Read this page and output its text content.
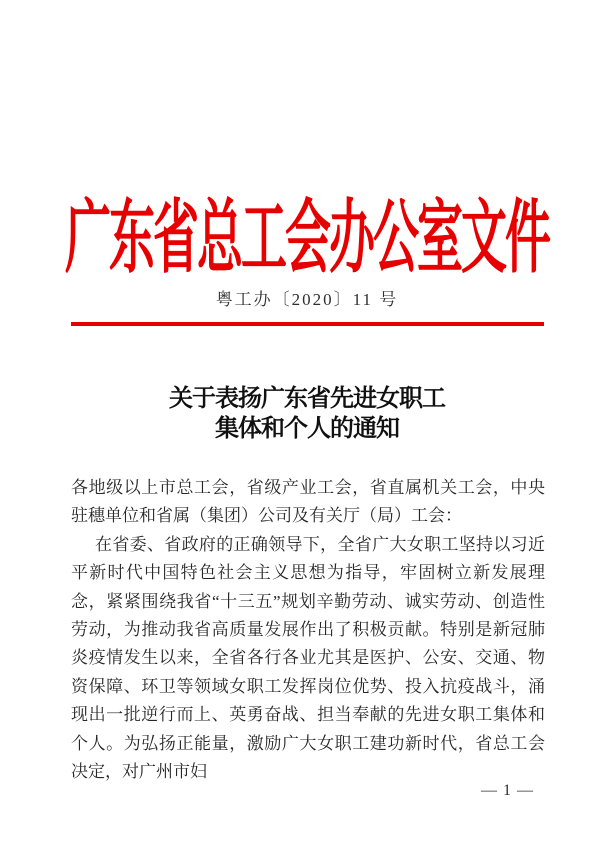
广东省总工会办公室文件
粤工办〔2020〕11 号
关于表扬广东省先进女职工
集体和个人的通知

各地级以上市总工会，省级产业工会，省直属机关工会，中央驻穗单位和省属（集团）公司及有关厅（局）工会：

在省委、省政府的正确领导下，全省广大女职工坚持以习近平新时代中国特色社会主义思想为指导，牢固树立新发展理念，紧紧围绕我省“十三五”规划辛勤劳动、诚实劳动、创造性劳动，为推动我省高质量发展作出了积极贡献。特别是新冠肺炎疫情发生以来，全省各行各业尤其是医护、公安、交通、物资保障、环卫等领域女职工发挥岗位优势、投入抗疫战斗，涌现出一批逆行而上、英勇奋战、担当奉献的先进女职工集体和个人。为弘扬正能量，激励广大女职工建功新时代，省总工会决定，对广州市妇

— 1 —
